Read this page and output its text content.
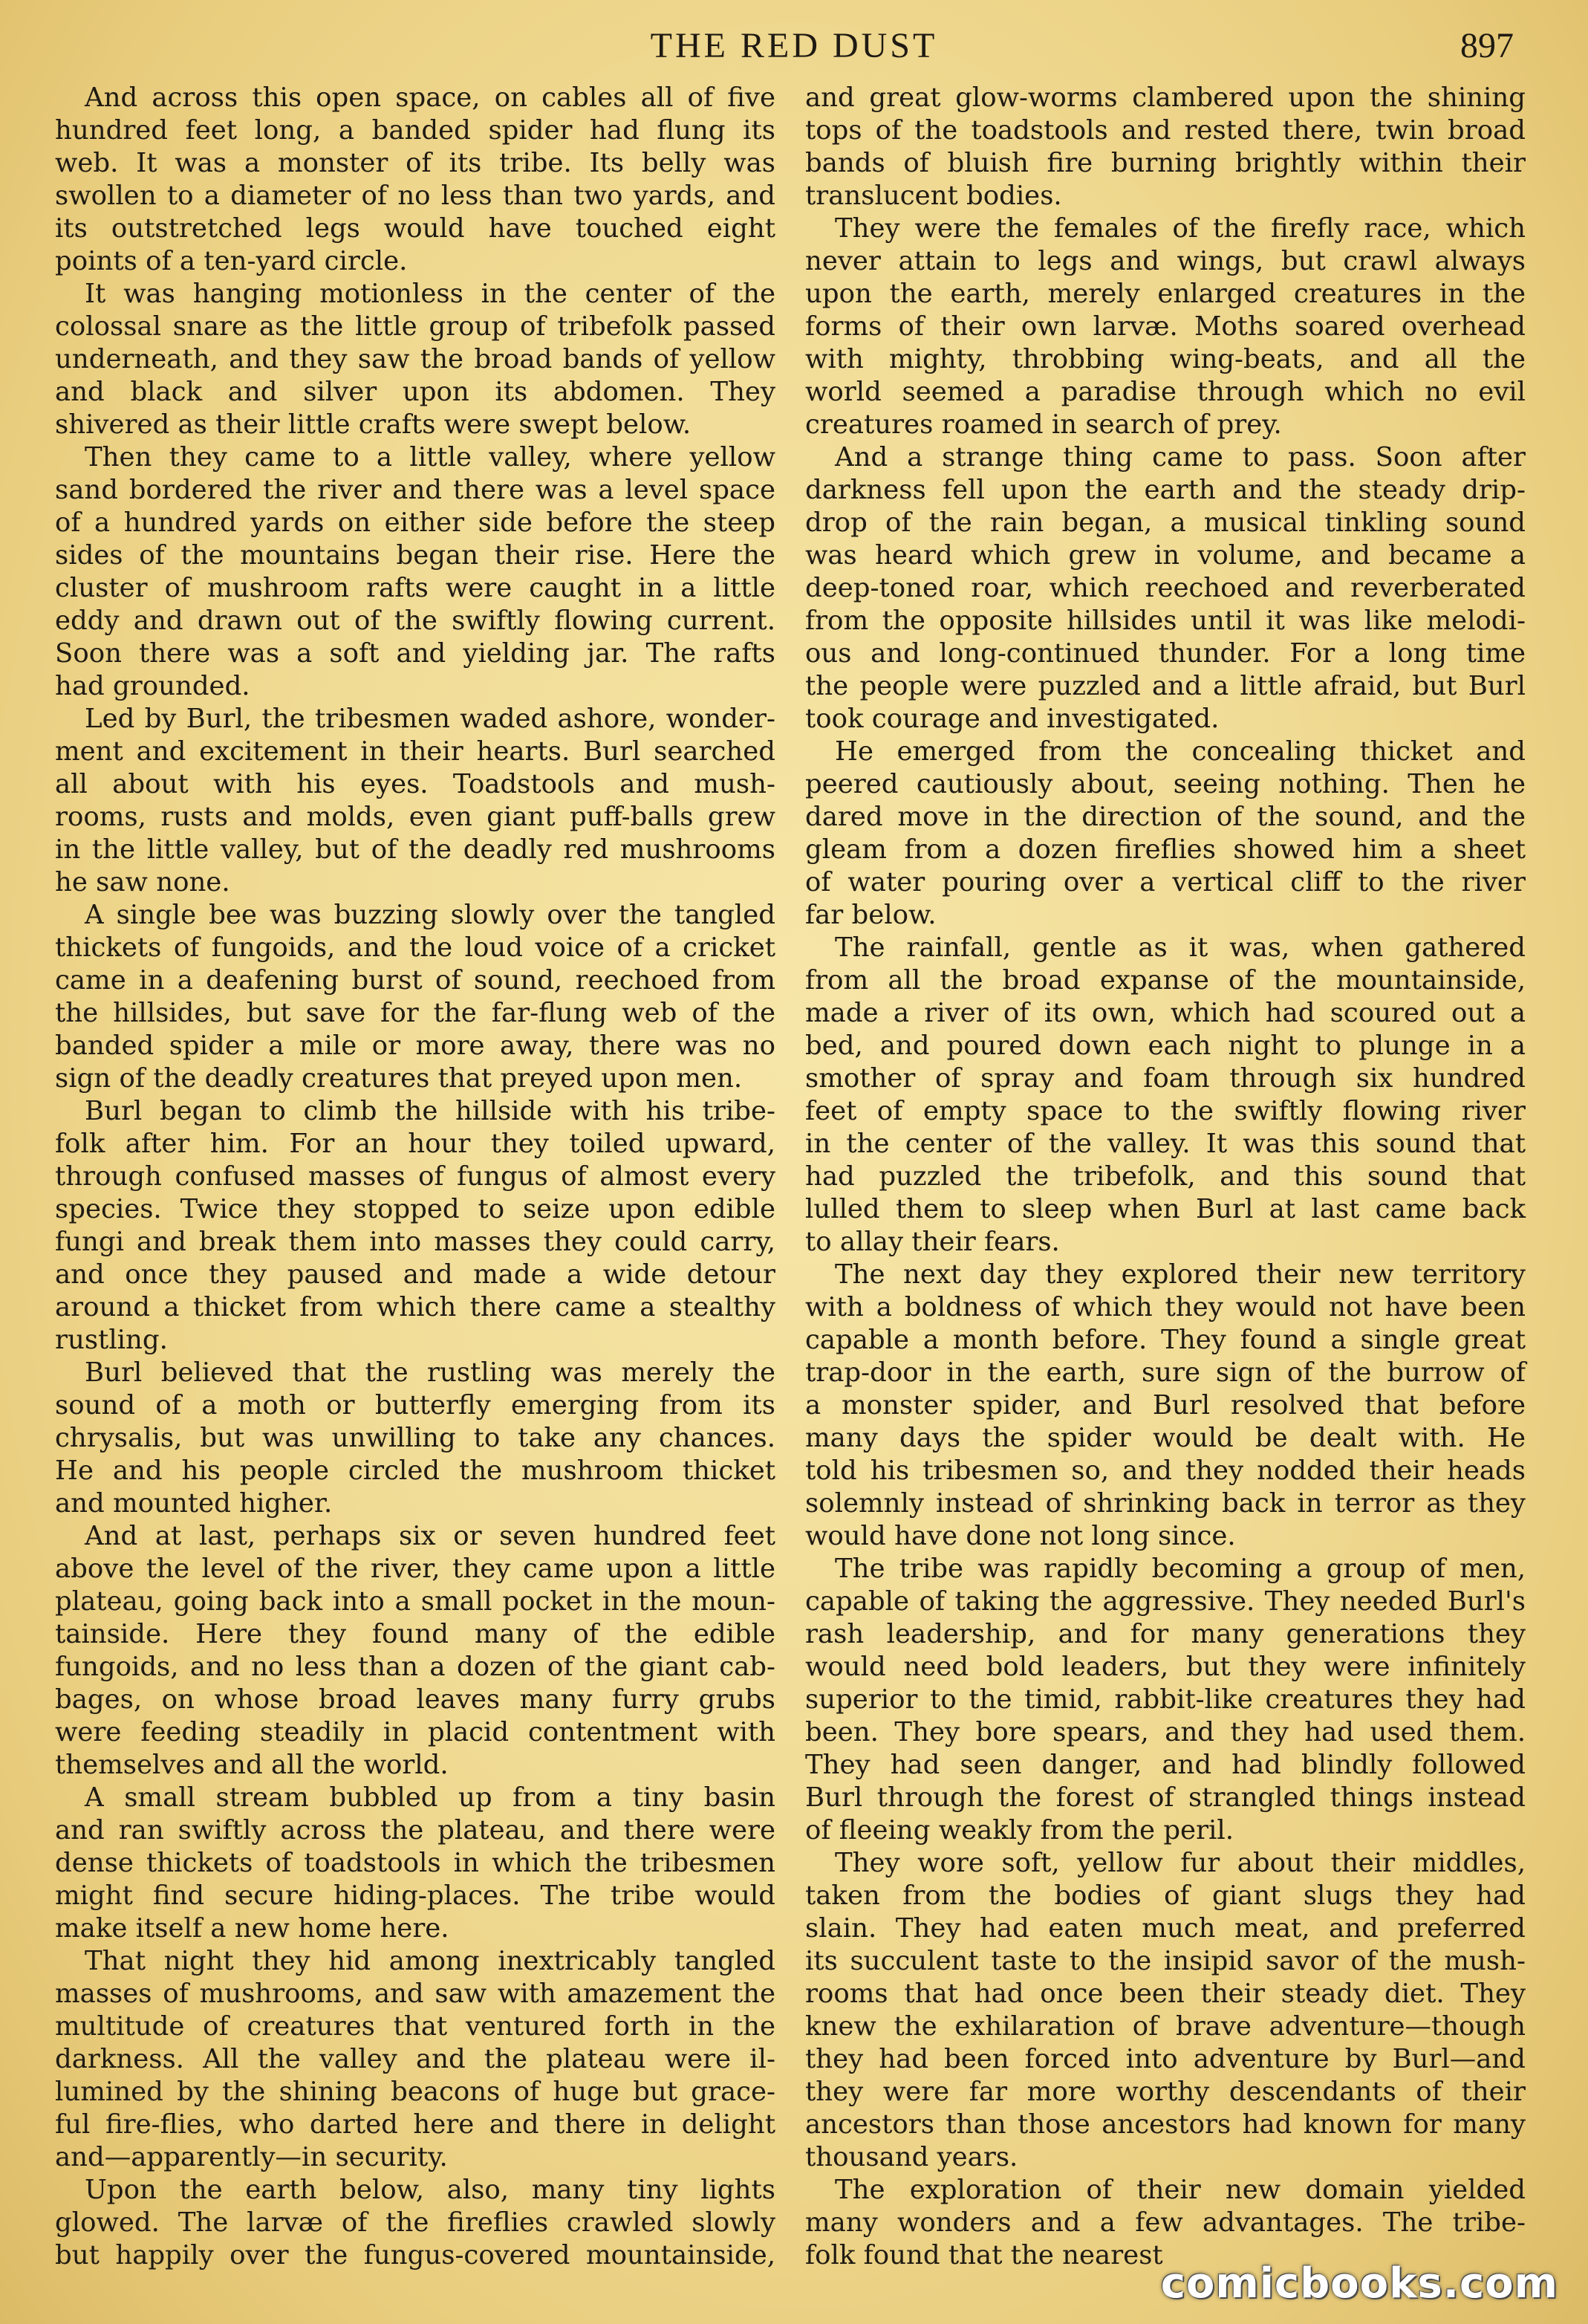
THE RED DUST	897
And across this open space, on cables all of five
hundred feet long, a banded spider had flung its
web. It was a monster of its tribe. Its belly was
swollen to a diameter of no less than two yards, and
its outstretched legs would have touched eight
points of a ten-yard circle.
It was hanging motionless in the center of the
colossal snare as the little group of tribefolk passed
underneath, and they saw the broad bands of yellow
and black and silver upon its abdomen. They
shivered as their little crafts were swept below.
Then they came to a little valley, where yellow
sand bordered the river and there was a level space
of a hundred yards on either side before the steep
sides of the mountains began their rise. Here the
cluster of mushroom rafts were caught in a little
eddy and drawn out of the swiftly flowing current.
Soon there was a soft and yielding jar. The rafts
had grounded.
Led by Burl, the tribesmen waded ashore, wonder-
ment and excitement in their hearts. Burl searched
all about with his eyes. Toadstools and mush-
rooms, rusts and molds, even giant puff-balls grew
in the little valley, but of the deadly red mushrooms
he saw none.
A single bee was buzzing slowly over the tangled
thickets of fungoids, and the loud voice of a cricket
came in a deafening burst of sound, reechoed from
the hillsides, but save for the far-flung web of the
banded spider a mile or more away, there was no
sign of the deadly creatures that preyed upon men.
Burl began to climb the hillside with his tribe-
folk after him. For an hour they toiled upward,
through confused masses of fungus of almost every
species. Twice they stopped to seize upon edible
fungi and break them into masses they could carry,
and once they paused and made a wide detour
around a thicket from which there came a stealthy
rustling.
Burl believed that the rustling was merely the
sound of a moth or butterfly emerging from its
chrysalis, but was unwilling to take any chances.
He and his people circled the mushroom thicket
and mounted higher.
And at last, perhaps six or seven hundred feet
above the level of the river, they came upon a little
plateau, going back into a small pocket in the moun-
tainside. Here they found many of the edible
fungoids, and no less than a dozen of the giant cab-
bages, on whose broad leaves many furry grubs
were feeding steadily in placid contentment with
themselves and all the world.
A small stream bubbled up from a tiny basin
and ran swiftly across the plateau, and there were
dense thickets of toadstools in which the tribesmen
might find secure hiding-places. The tribe would
make itself a new home here.
That night they hid among inextricably tangled
masses of mushrooms, and saw with amazement the
multitude of creatures that ventured forth in the
darkness. All the valley and the plateau were il-
lumined by the shining beacons of huge but grace-
ful fire-flies, who darted here and there in delight
and—apparently—in security.
Upon the earth below, also, many tiny lights
glowed. The larvæ of the fireflies crawled slowly
but happily over the fungus-covered mountainside,
and great glow-worms clambered upon the shining
tops of the toadstools and rested there, twin broad
bands of bluish fire burning brightly within their
translucent bodies.
They were the females of the firefly race, which
never attain to legs and wings, but crawl always
upon the earth, merely enlarged creatures in the
forms of their own larvæ. Moths soared overhead
with mighty, throbbing wing-beats, and all the
world seemed a paradise through which no evil
creatures roamed in search of prey.
And a strange thing came to pass. Soon after
darkness fell upon the earth and the steady drip-
drop of the rain began, a musical tinkling sound
was heard which grew in volume, and became a
deep-toned roar, which reechoed and reverberated
from the opposite hillsides until it was like melodi-
ous and long-continued thunder. For a long time
the people were puzzled and a little afraid, but Burl
took courage and investigated.
He emerged from the concealing thicket and
peered cautiously about, seeing nothing. Then he
dared move in the direction of the sound, and the
gleam from a dozen fireflies showed him a sheet
of water pouring over a vertical cliff to the river
far below.
The rainfall, gentle as it was, when gathered
from all the broad expanse of the mountainside,
made a river of its own, which had scoured out a
bed, and poured down each night to plunge in a
smother of spray and foam through six hundred
feet of empty space to the swiftly flowing river
in the center of the valley. It was this sound that
had puzzled the tribefolk, and this sound that
lulled them to sleep when Burl at last came back
to allay their fears.
The next day they explored their new territory
with a boldness of which they would not have been
capable a month before. They found a single great
trap-door in the earth, sure sign of the burrow of
a monster spider, and Burl resolved that before
many days the spider would be dealt with. He
told his tribesmen so, and they nodded their heads
solemnly instead of shrinking back in terror as they
would have done not long since.
The tribe was rapidly becoming a group of men,
capable of taking the aggressive. They needed Burl's
rash leadership, and for many generations they
would need bold leaders, but they were infinitely
superior to the timid, rabbit-like creatures they had
been. They bore spears, and they had used them.
They had seen danger, and had blindly followed
Burl through the forest of strangled things instead
of fleeing weakly from the peril.
They wore soft, yellow fur about their middles,
taken from the bodies of giant slugs they had
slain. They had eaten much meat, and preferred
its succulent taste to the insipid savor of the mush-
rooms that had once been their steady diet. They
knew the exhilaration of brave adventure—though
they had been forced into adventure by Burl—and
they were far more worthy descendants of their
ancestors than those ancestors had known for many
thousand years.
The exploration of their new domain yielded
many wonders and a few advantages. The tribe-
folk found that the nearest
comicbooks.com
